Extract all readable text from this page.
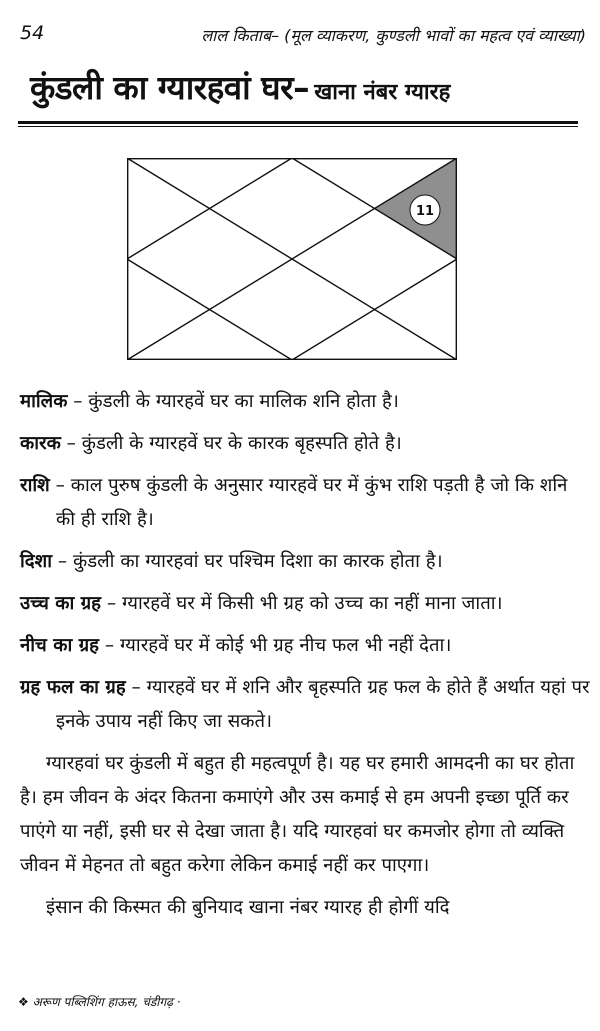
54	लाल किताब– (मूल व्याकरण, कुण्डली भावों का महत्व एवं व्याख्या)
कुंडली का ग्यारहवां घर– खाना नंबर ग्यारह
11
मालिक – कुंडली के ग्यारहवें घर का मालिक शनि होता है।
कारक – कुंडली के ग्यारहवें घर के कारक बृहस्पति होते है।
राशि – काल पुरुष कुंडली के अनुसार ग्यारहवें घर में कुंभ राशि पड़ती है जो कि शनि की ही राशि है।
दिशा – कुंडली का ग्यारहवां घर पश्चिम दिशा का कारक होता है।
उच्च का ग्रह – ग्यारहवें घर में किसी भी ग्रह को उच्च का नहीं माना जाता।
नीच का ग्रह – ग्यारहवें घर में कोई भी ग्रह नीच फल भी नहीं देता।
ग्रह फल का ग्रह – ग्यारहवें घर में शनि और बृहस्पति ग्रह फल के होते हैं अर्थात यहां पर इनके उपाय नहीं किए जा सकते।

ग्यारहवां घर कुंडली में बहुत ही महत्वपूर्ण है। यह घर हमारी आमदनी का घर होता है। हम जीवन के अंदर कितना कमाएंगे और उस कमाई से हम अपनी इच्छा पूर्ति कर पाएंगे या नहीं, इसी घर से देखा जाता है। यदि ग्यारहवां घर कमजोर होगा तो व्यक्ति जीवन में मेहनत तो बहुत करेगा लेकिन कमाई नहीं कर पाएगा।

इंसान की किस्मत की बुनियाद खाना नंबर ग्यारह ही होगीं यदि

❖ अरूण पब्लिशिंग हाऊस, चंडीगढ़ ·
